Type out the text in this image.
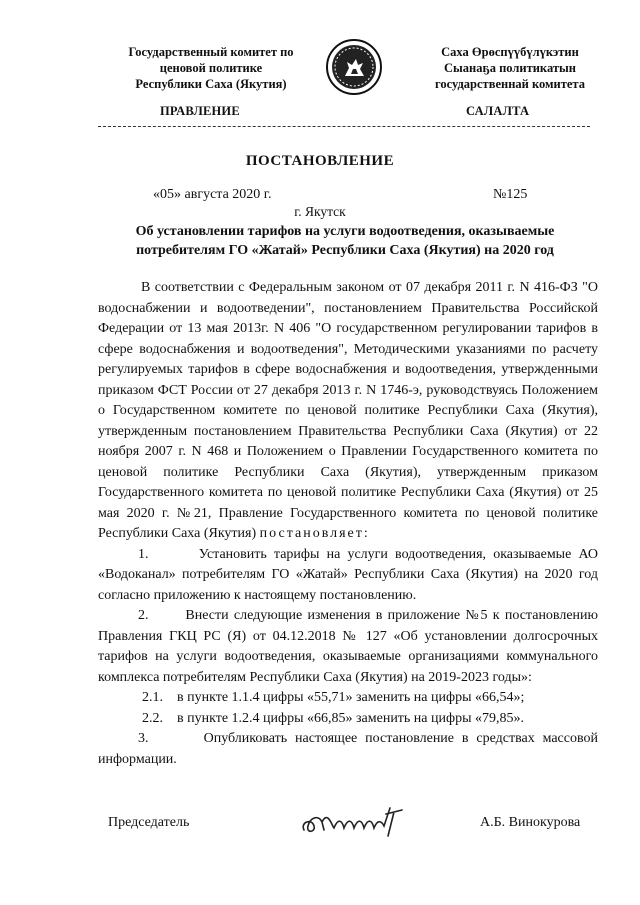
Государственный комитет по
ценовой политике
Республики Саха (Якутия)
Саха Өрөспүүбүлүкэтин
Сыанаҕа политикатын
государственнай комитета
ПРАВЛЕНИЕ	САЛАЛТА
ПОСТАНОВЛЕНИЕ
«05» августа 2020 г.	№125
г. Якутск
Об установлении тарифов на услуги водоотведения, оказываемые
потребителям ГО «Жатай» Республики Саха (Якутия) на 2020 год

В соответствии с Федеральным законом от 07 декабря 2011 г. N 416-ФЗ "О водоснабжении и водоотведении", постановлением Правительства Российской Федерации от 13 мая 2013г. N 406 "О государственном регулировании тарифов в сфере водоснабжения и водоотведения", Методическими указаниями по расчету регулируемых тарифов в сфере водоснабжения и водоотведения, утвержденными приказом ФСТ России от 27 декабря 2013 г. N 1746-э, руководствуясь Положением о Государственном комитете по ценовой политике Республики Саха (Якутия), утвержденным постановлением Правительства Республики Саха (Якутия) от 22 ноября 2007 г. N 468 и Положением о Правлении Государственного комитета по ценовой политике Республики Саха (Якутия), утвержденным приказом Государственного комитета по ценовой политике Республики Саха (Якутия) от 25 мая 2020 г. №21, Правление Государственного комитета по ценовой политике Республики Саха (Якутия) постановляет:

1.       Установить тарифы на услуги водоотведения, оказываемые АО «Водоканал» потребителям ГО «Жатай» Республики Саха (Якутия) на 2020 год согласно приложению к настоящему постановлению.

2.       Внести следующие изменения в приложение №5 к постановлению Правления ГКЦ РС (Я) от 04.12.2018 № 127 «Об установлении долгосрочных тарифов на услуги водоотведения, оказываемые организациями коммунального комплекса потребителям Республики Саха (Якутия) на 2019-2023 годы»:

2.1.    в пункте 1.1.4 цифры «55,71» заменить на цифры «66,54»;

2.2.    в пункте 1.2.4 цифры «66,85» заменить на цифры «79,85».

3.       Опубликовать настоящее постановление в средствах массовой информации.

Председатель	А.Б. Винокурова
